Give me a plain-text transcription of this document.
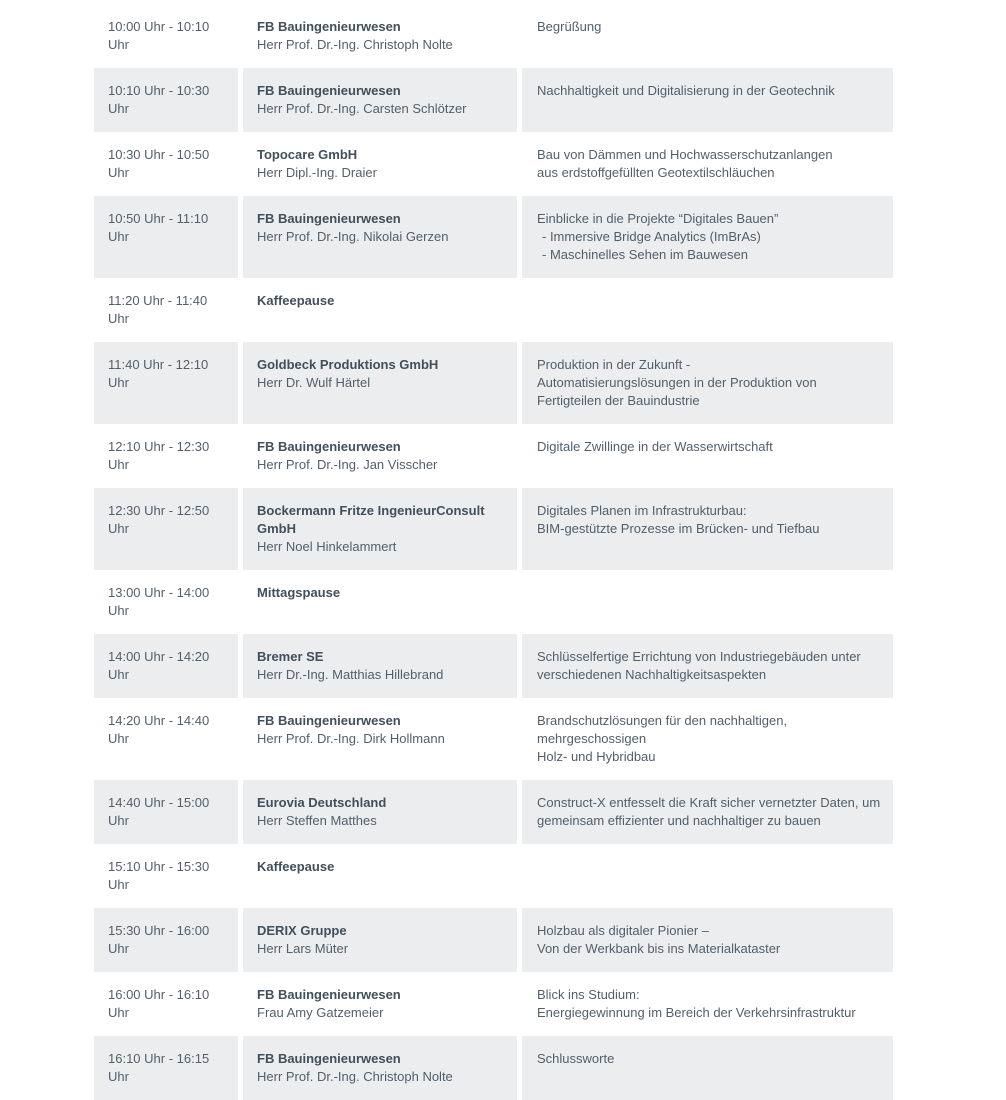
10:00 Uhr - 10:10 Uhr
FB Bauingenieurwesen
Herr Prof. Dr.-Ing. Christoph Nolte
Begrüßung
10:10 Uhr - 10:30 Uhr
FB Bauingenieurwesen
Herr Prof. Dr.-Ing. Carsten Schlötzer
Nachhaltigkeit und Digitalisierung in der Geotechnik
10:30 Uhr - 10:50 Uhr
Topocare GmbH
Herr Dipl.-Ing. Draier
Bau von Dämmen und Hochwasserschutzanlangen
aus erdstoffgefüllten Geotextilschläuchen
10:50 Uhr - 11:10 Uhr
FB Bauingenieurwesen
Herr Prof. Dr.-Ing. Nikolai Gerzen
Einblicke in die Projekte “Digitales Bauen”
- Immersive Bridge Analytics (ImBrAs)
- Maschinelles Sehen im Bauwesen
11:20 Uhr - 11:40 Uhr
Kaffeepause
11:40 Uhr - 12:10 Uhr
Goldbeck Produktions GmbH
Herr Dr. Wulf Härtel
Produktion in der Zukunft -
Automatisierungslösungen in der Produktion von
Fertigteilen der Bauindustrie
12:10 Uhr - 12:30 Uhr
FB Bauingenieurwesen
Herr Prof. Dr.-Ing. Jan Visscher
Digitale Zwillinge in der Wasserwirtschaft
12:30 Uhr - 12:50 Uhr
Bockermann Fritze IngenieurConsult GmbH
Herr Noel Hinkelammert
Digitales Planen im Infrastrukturbau:
BIM-gestützte Prozesse im Brücken- und Tiefbau
13:00 Uhr - 14:00 Uhr
Mittagspause
14:00 Uhr - 14:20 Uhr
Bremer SE
Herr Dr.-Ing. Matthias Hillebrand
Schlüsselfertige Errichtung von Industriegebäuden unter
verschiedenen Nachhaltigkeitsaspekten
14:20 Uhr - 14:40 Uhr
FB Bauingenieurwesen
Herr Prof. Dr.-Ing. Dirk Hollmann
Brandschutzlösungen für den nachhaltigen, mehrgeschossigen
Holz- und Hybridbau
14:40 Uhr - 15:00 Uhr
Eurovia Deutschland
Herr Steffen Matthes
Construct-X entfesselt die Kraft sicher vernetzter Daten, um
gemeinsam effizienter und nachhaltiger zu bauen
15:10 Uhr - 15:30 Uhr
Kaffeepause
15:30 Uhr - 16:00 Uhr
DERIX Gruppe
Herr Lars Müter
Holzbau als digitaler Pionier –
Von der Werkbank bis ins Materialkataster
16:00 Uhr - 16:10 Uhr
FB Bauingenieurwesen
Frau Amy Gatzemeier
Blick ins Studium:
Energiegewinnung im Bereich der Verkehrsinfrastruktur
16:10 Uhr - 16:15 Uhr
FB Bauingenieurwesen
Herr Prof. Dr.-Ing. Christoph Nolte
Schlussworte
